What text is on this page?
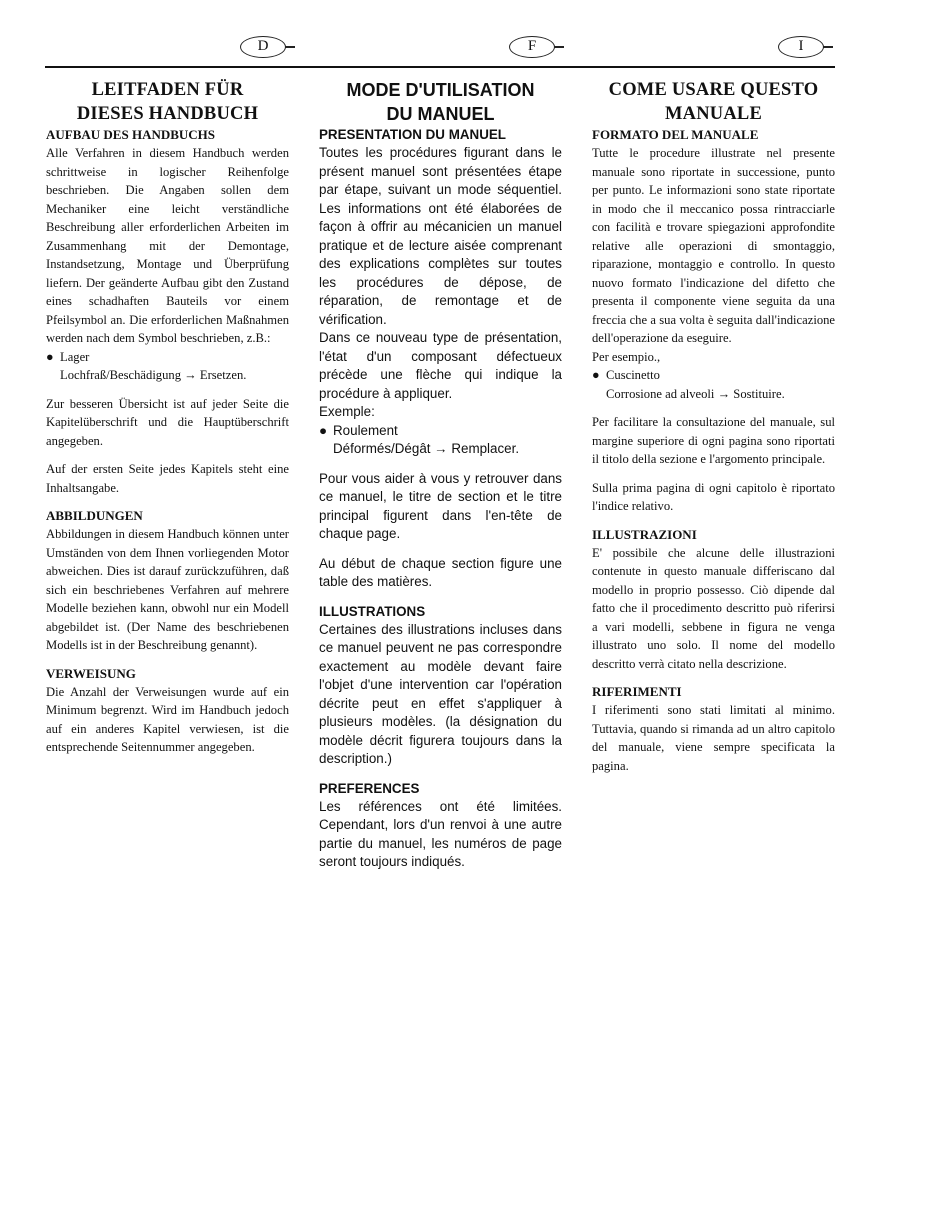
D	F	I
LEITFADEN FÜR
DIESES HANDBUCH
AUFBAU DES HANDBUCHS

Alle Verfahren in diesem Handbuch werden schrittweise in logischer Reihenfolge beschrieben. Die Angaben sollen dem Mechaniker eine leicht verständliche Beschreibung aller erforderlichen Arbeiten im Zusammenhang mit der Demontage, Instandsetzung, Montage und Überprüfung liefern. Der geänderte Aufbau gibt den Zustand eines schadhaften Bauteils vor einem Pfeilsymbol an. Die erforderlichen Maßnahmen werden nach dem Symbol beschrieben, z.B.:

● Lager

Lochfraß/Beschädigung → Ersetzen.

Zur besseren Übersicht ist auf jeder Seite die Kapitelüberschrift und die Hauptüberschrift angegeben.

Auf der ersten Seite jedes Kapitels steht eine Inhaltsangabe.

ABBILDUNGEN

Abbildungen in diesem Handbuch können unter Umständen von dem Ihnen vorliegenden Motor abweichen. Dies ist darauf zurückzuführen, daß sich ein beschriebenes Verfahren auf mehrere Modelle beziehen kann, obwohl nur ein Modell abgebildet ist. (Der Name des beschriebenen Modells ist in der Beschreibung genannt).

VERWEISUNG

Die Anzahl der Verweisungen wurde auf ein Minimum begrenzt. Wird im Handbuch jedoch auf ein anderes Kapitel verwiesen, ist die entsprechende Seitennummer angegeben.

MODE D'UTILISATION
DU MANUEL
PRESENTATION DU MANUEL

Toutes les procédures figurant dans le présent manuel sont présentées étape par étape, suivant un mode séquentiel. Les informations ont été élaborées de façon à offrir au mécanicien un manuel pratique et de lecture aisée comprenant des explications complètes sur toutes les procédures de dépose, de réparation, de remontage et de vérification.

Dans ce nouveau type de présentation, l'état d'un composant défectueux précède une flèche qui indique la procédure à appliquer.

Exemple:

● Roulement

Déformés/Dégât → Remplacer.

Pour vous aider à vous y retrouver dans ce manuel, le titre de section et le titre principal figurent dans l'en-tête de chaque page.

Au début de chaque section figure une table des matières.

ILLUSTRATIONS

Certaines des illustrations incluses dans ce manuel peuvent ne pas correspondre exactement au modèle devant faire l'objet d'une intervention car l'opération décrite peut en effet s'appliquer à plusieurs modèles. (la désignation du modèle décrit figurera toujours dans la description.)

PREFERENCES

Les références ont été limitées. Cependant, lors d'un renvoi à une autre partie du manuel, les numéros de page seront toujours indiqués.

COME USARE QUESTO
MANUALE
FORMATO DEL MANUALE

Tutte le procedure illustrate nel presente manuale sono riportate in successione, punto per punto. Le informazioni sono state riportate in modo che il meccanico possa rintracciarle con facilità e trovare spiegazioni approfondite relative alle operazioni di smontaggio, riparazione, montaggio e controllo. In questo nuovo formato l'indicazione del difetto che presenta il componente viene seguita da una freccia che a sua volta è seguita dall'indicazione dell'operazione da eseguire.

Per esempio.,

● Cuscinetto

Corrosione ad alveoli → Sostituire.

Per facilitare la consultazione del manuale, sul margine superiore di ogni pagina sono riportati il titolo della sezione e l'argomento principale.

Sulla prima pagina di ogni capitolo è riportato l'indice relativo.

ILLUSTRAZIONI

E' possibile che alcune delle illustrazioni contenute in questo manuale differiscano dal modello in proprio possesso. Ciò dipende dal fatto che il procedimento descritto può riferirsi a vari modelli, sebbene in figura ne venga illustrato uno solo. Il nome del modello descritto verrà citato nella descrizione.

RIFERIMENTI

I riferimenti sono stati limitati al minimo. Tuttavia, quando si rimanda ad un altro capitolo del manuale, viene sempre specificata la pagina.
